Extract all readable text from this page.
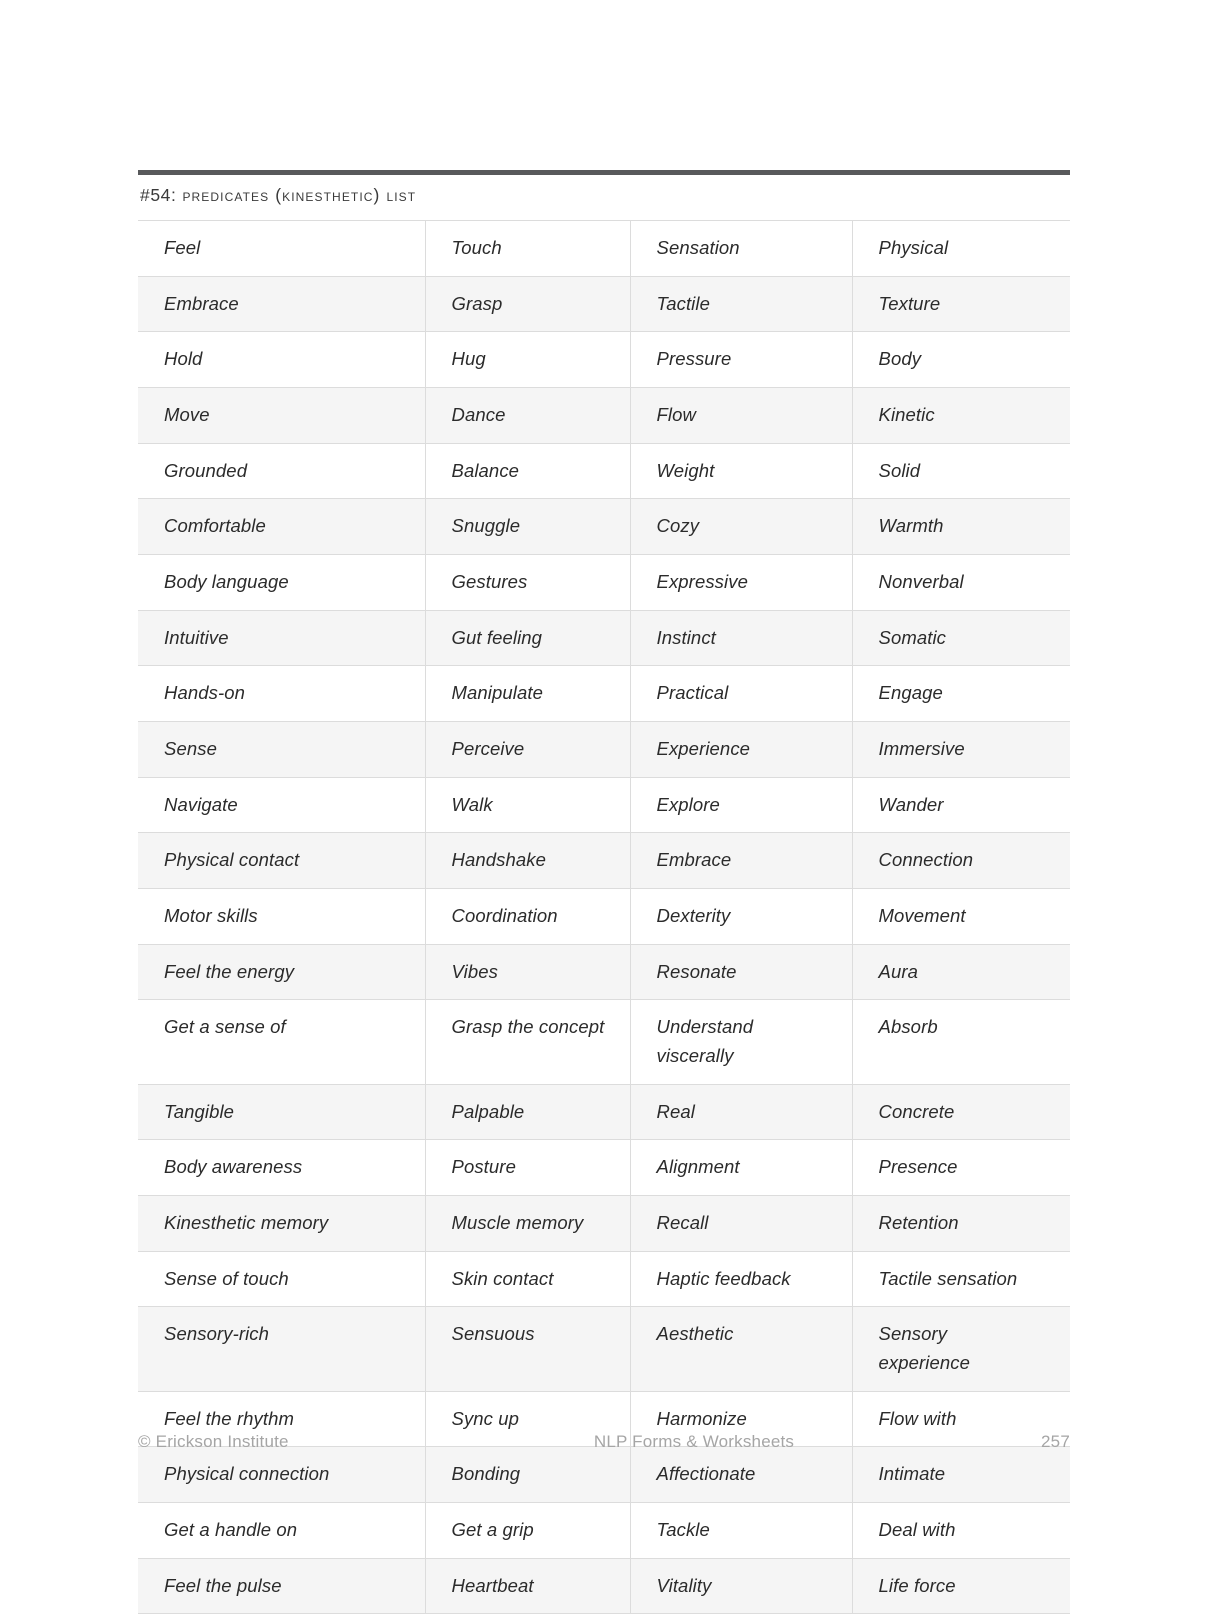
#54: predicates (kinesthetic) list
Feel	Touch	Sensation	Physical

Embrace	Grasp	Tactile	Texture

Hold	Hug	Pressure	Body

Move	Dance	Flow	Kinetic

Grounded	Balance	Weight	Solid

Comfortable	Snuggle	Cozy	Warmth

Body language	Gestures	Expressive	Nonverbal

Intuitive	Gut feeling	Instinct	Somatic

Hands-on	Manipulate	Practical	Engage

Sense	Perceive	Experience	Immersive

Navigate	Walk	Explore	Wander

Physical contact	Handshake	Embrace	Connection

Motor skills	Coordination	Dexterity	Movement

Feel the energy	Vibes	Resonate	Aura

Get a sense of	Grasp the concept	Understand viscerally	Absorb

Tangible	Palpable	Real	Concrete

Body awareness	Posture	Alignment	Presence

Kinesthetic memory	Muscle memory	Recall	Retention

Sense of touch	Skin contact	Haptic feedback	Tactile sensation

Sensory-rich	Sensuous	Aesthetic	Sensory experience

Feel the rhythm	Sync up	Harmonize	Flow with

Physical connection	Bonding	Affectionate	Intimate

Get a handle on	Get a grip	Tackle	Deal with

Feel the pulse	Heartbeat	Vitality	Life force
© Erickson Institute	NLP Forms & Worksheets	257
